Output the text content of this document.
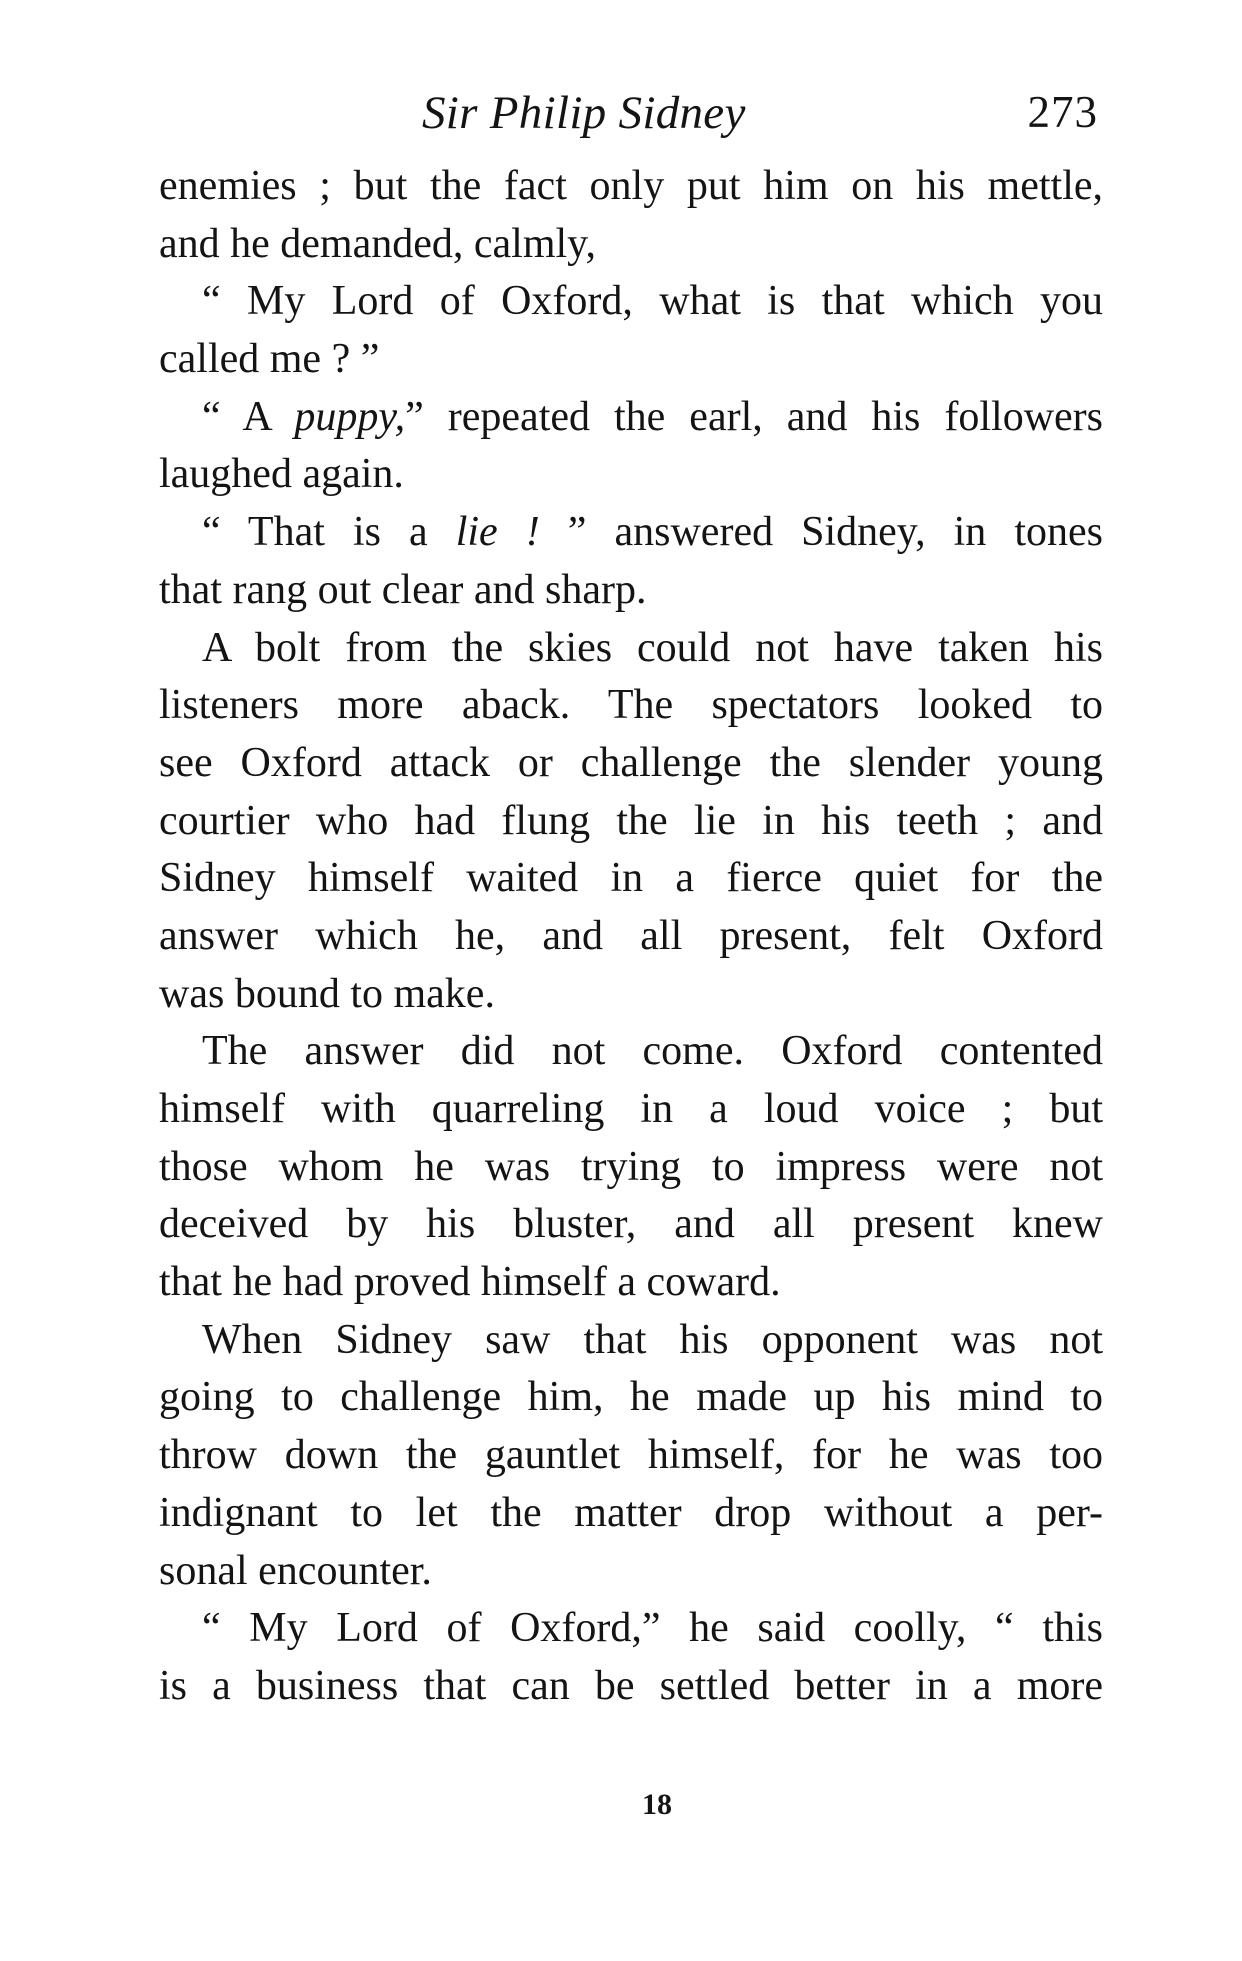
Sir Philip Sidney	273
enemies ; but the fact only put him on his mettle,
and he demanded, calmly,
“ My Lord of Oxford, what is that which you
called me ? ”
“ A puppy,” repeated the earl, and his followers
laughed again.
“ That is a lie ! ” answered Sidney, in tones
that rang out clear and sharp.
A bolt from the skies could not have taken his
listeners more aback. The spectators looked to
see Oxford attack or challenge the slender young
courtier who had flung the lie in his teeth ; and
Sidney himself waited in a fierce quiet for the
answer which he, and all present, felt Oxford
was bound to make.
The answer did not come. Oxford contented
himself with quarreling in a loud voice ; but
those whom he was trying to impress were not
deceived by his bluster, and all present knew
that he had proved himself a coward.
When Sidney saw that his opponent was not
going to challenge him, he made up his mind to
throw down the gauntlet himself, for he was too
indignant to let the matter drop without a per-
sonal encounter.
“ My Lord of Oxford,” he said coolly, “ this
is a business that can be settled better in a more
18
